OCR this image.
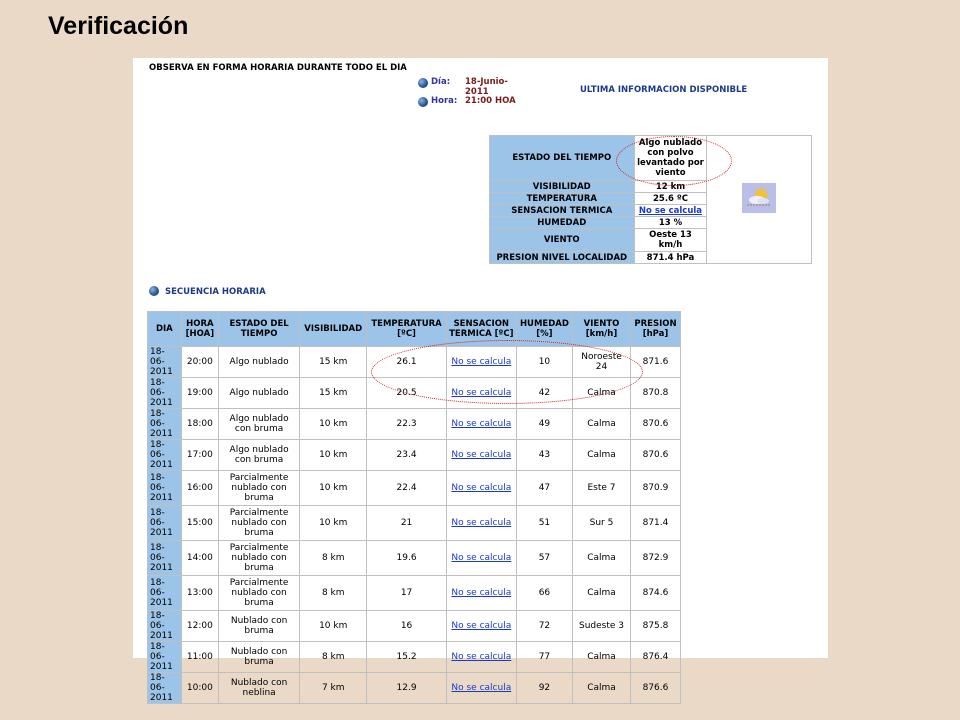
Verificación
OBSERVA EN FORMA HORARIA DURANTE TODO EL DIA
Día: 18-Junio-
2011
Hora: 21:00 HOA
ULTIMA INFORMACION DISPONIBLE
ESTADO DEL TIEMPO	Algo nublado con polvo levantado por viento	
VISIBILIDAD	12 km	
TEMPERATURA	25.6 ºC	
SENSACION TERMICA	No se calcula	
HUMEDAD	13 %	
VIENTO	Oeste 13 km/h	
PRESION NIVEL LOCALIDAD	871.4 hPa	
SECUENCIA HORARIA
DIA	HORA [HOA]	ESTADO DEL TIEMPO	VISIBILIDAD	TEMPERATURA [ºC]	SENSACION TERMICA [ºC]	HUMEDAD [%]	VIENTO [km/h]	PRESION [hPa]
18-06-2011	20:00	Algo nublado	15 km	26.1	No se calcula	10	Noroeste 24	871.6
18-06-2011	19:00	Algo nublado	15 km	20.5	No se calcula	42	Calma	870.8
18-06-2011	18:00	Algo nublado con bruma	10 km	22.3	No se calcula	49	Calma	870.6
18-06-2011	17:00	Algo nublado con bruma	10 km	23.4	No se calcula	43	Calma	870.6
18-06-2011	16:00	Parcialmente nublado con bruma	10 km	22.4	No se calcula	47	Este 7	870.9
18-06-2011	15:00	Parcialmente nublado con bruma	10 km	21	No se calcula	51	Sur 5	871.4
18-06-2011	14:00	Parcialmente nublado con bruma	8 km	19.6	No se calcula	57	Calma	872.9
18-06-2011	13:00	Parcialmente nublado con bruma	8 km	17	No se calcula	66	Calma	874.6
18-06-2011	12:00	Nublado con bruma	10 km	16	No se calcula	72	Sudeste 3	875.8
18-06-2011	11:00	Nublado con bruma	8 km	15.2	No se calcula	77	Calma	876.4
18-06-2011	10:00	Nublado con neblina	7 km	12.9	No se calcula	92	Calma	876.6
